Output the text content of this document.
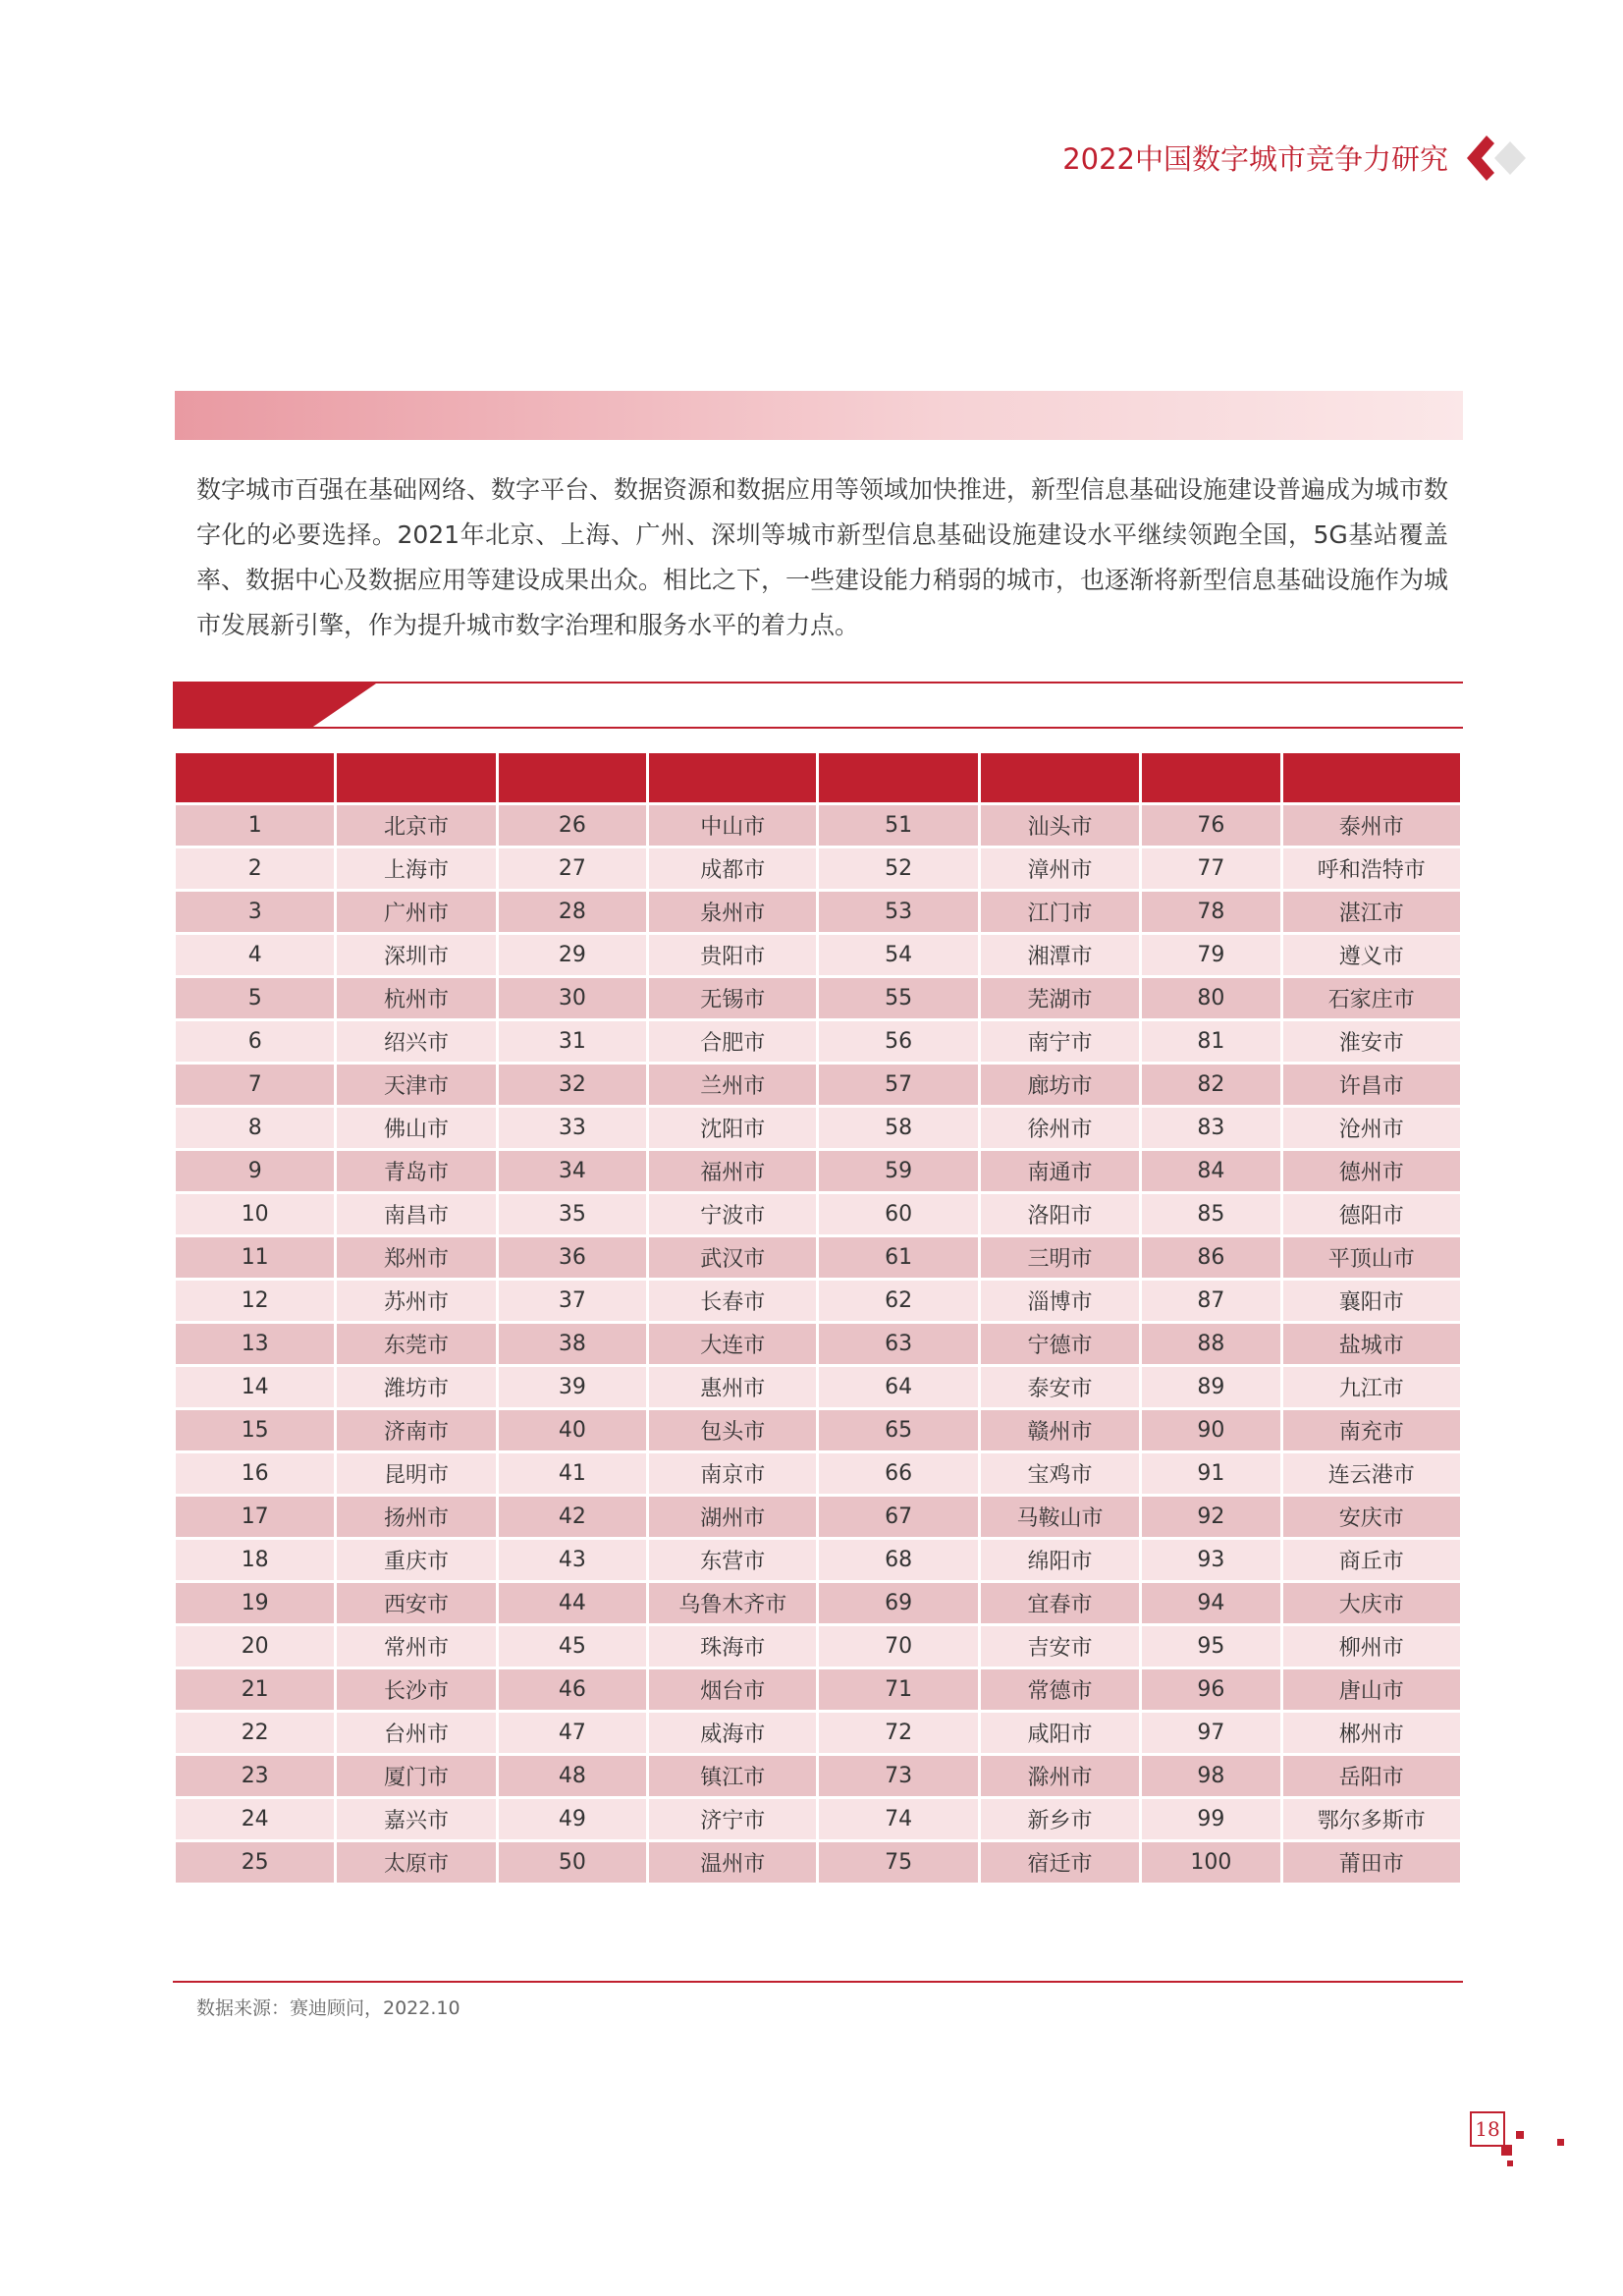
2022中国数字城市竞争力研究
数字城市百强在基础网络、数字平台、数据资源和数据应用等领域加快推进，新型信息基础设施建设普遍成为城市数字化的必要选择。2021年北京、上海、广州、深圳等城市新型信息基础设施建设水平继续领跑全国，5G基站覆盖率、数据中心及数据应用等建设成果出众。相比之下，一些建设能力稍弱的城市，也逐渐将新型信息基础设施作为城市发展新引擎，作为提升城市数字治理和服务水平的着力点。

1	北京市	26	中山市	51	汕头市	76	泰州市
2	上海市	27	成都市	52	漳州市	77	呼和浩特市
3	广州市	28	泉州市	53	江门市	78	湛江市
4	深圳市	29	贵阳市	54	湘潭市	79	遵义市
5	杭州市	30	无锡市	55	芜湖市	80	石家庄市
6	绍兴市	31	合肥市	56	南宁市	81	淮安市
7	天津市	32	兰州市	57	廊坊市	82	许昌市
8	佛山市	33	沈阳市	58	徐州市	83	沧州市
9	青岛市	34	福州市	59	南通市	84	德州市
10	南昌市	35	宁波市	60	洛阳市	85	德阳市
11	郑州市	36	武汉市	61	三明市	86	平顶山市
12	苏州市	37	长春市	62	淄博市	87	襄阳市
13	东莞市	38	大连市	63	宁德市	88	盐城市
14	潍坊市	39	惠州市	64	泰安市	89	九江市
15	济南市	40	包头市	65	赣州市	90	南充市
16	昆明市	41	南京市	66	宝鸡市	91	连云港市
17	扬州市	42	湖州市	67	马鞍山市	92	安庆市
18	重庆市	43	东营市	68	绵阳市	93	商丘市
19	西安市	44	乌鲁木齐市	69	宜春市	94	大庆市
20	常州市	45	珠海市	70	吉安市	95	柳州市
21	长沙市	46	烟台市	71	常德市	96	唐山市
22	台州市	47	威海市	72	咸阳市	97	郴州市
23	厦门市	48	镇江市	73	滁州市	98	岳阳市
24	嘉兴市	49	济宁市	74	新乡市	99	鄂尔多斯市
25	太原市	50	温州市	75	宿迁市	100	莆田市
数据来源：赛迪顾问，2022.10
18
